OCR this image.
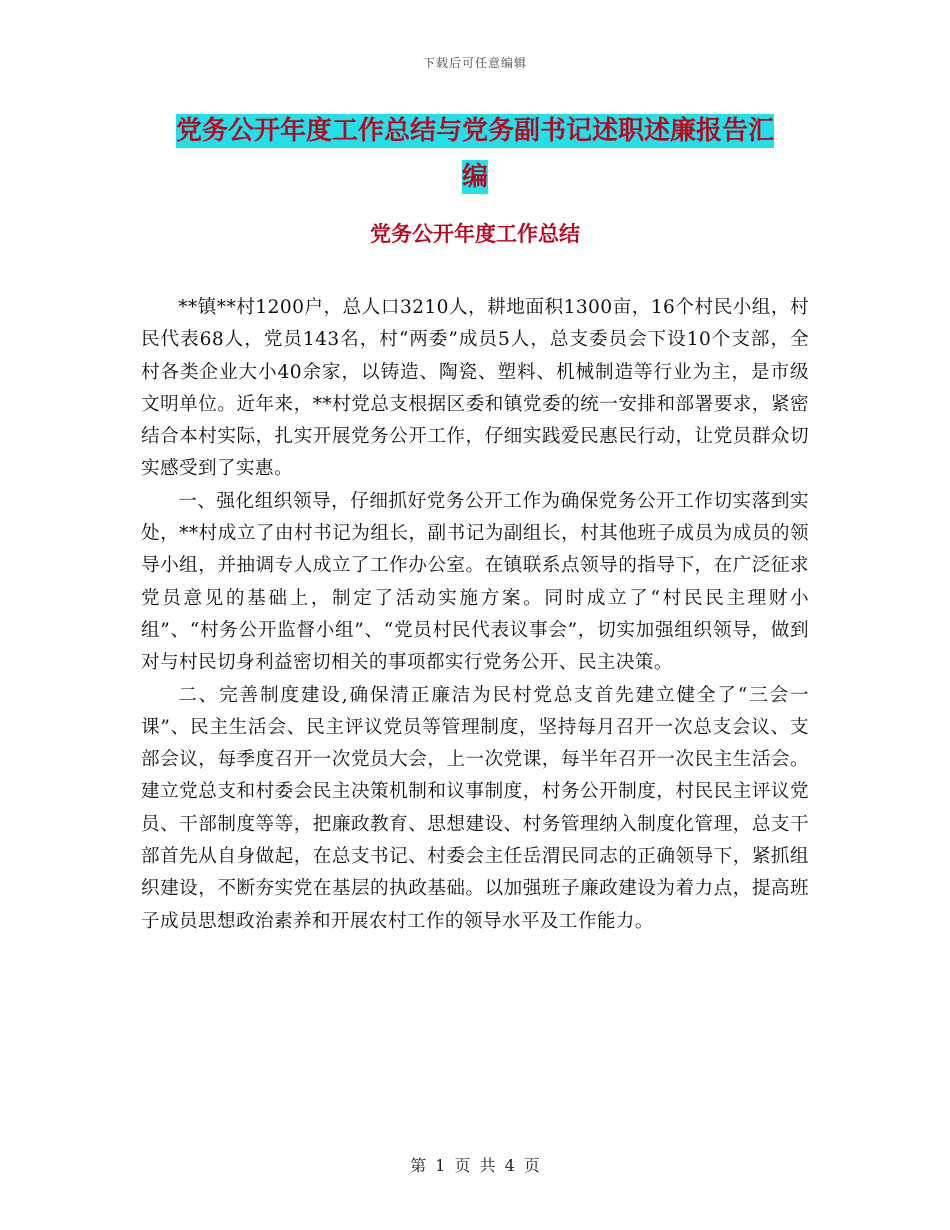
下载后可任意编辑
党务公开年度工作总结与党务副书记述职述廉报告汇
编
党务公开年度工作总结

**镇**村1200户，总人口3210人，耕地面积1300亩，16个村民小组，村民代表68人，党员143名，村“两委”成员5人，总支委员会下设10个支部，全村各类企业大小40余家，以铸造、陶瓷、塑料、机械制造等行业为主，是市级文明单位。近年来，**村党总支根据区委和镇党委的统一安排和部署要求，紧密结合本村实际，扎实开展党务公开工作，仔细实践爱民惠民行动，让党员群众切实感受到了实惠。

一、强化组织领导，仔细抓好党务公开工作为确保党务公开工作切实落到实处，**村成立了由村书记为组长，副书记为副组长，村其他班子成员为成员的领导小组，并抽调专人成立了工作办公室。在镇联系点领导的指导下，在广泛征求党员意见的基础上，制定了活动实施方案。同时成立了“村民民主理财小组”、“村务公开监督小组”、“党员村民代表议事会”，切实加强组织领导，做到对与村民切身利益密切相关的事项都实行党务公开、民主决策。

二、完善制度建设,确保清正廉洁为民村党总支首先建立健全了“三会一课”、民主生活会、民主评议党员等管理制度，坚持每月召开一次总支会议、支部会议，每季度召开一次党员大会，上一次党课，每半年召开一次民主生活会。建立党总支和村委会民主决策机制和议事制度，村务公开制度，村民民主评议党员、干部制度等等，把廉政教育、思想建设、村务管理纳入制度化管理，总支干部首先从自身做起，在总支书记、村委会主任岳渭民同志的正确领导下，紧抓组织建设，不断夯实党在基层的执政基础。以加强班子廉政建设为着力点，提高班子成员思想政治素养和开展农村工作的领导水平及工作能力。

第 1 页 共 4 页
